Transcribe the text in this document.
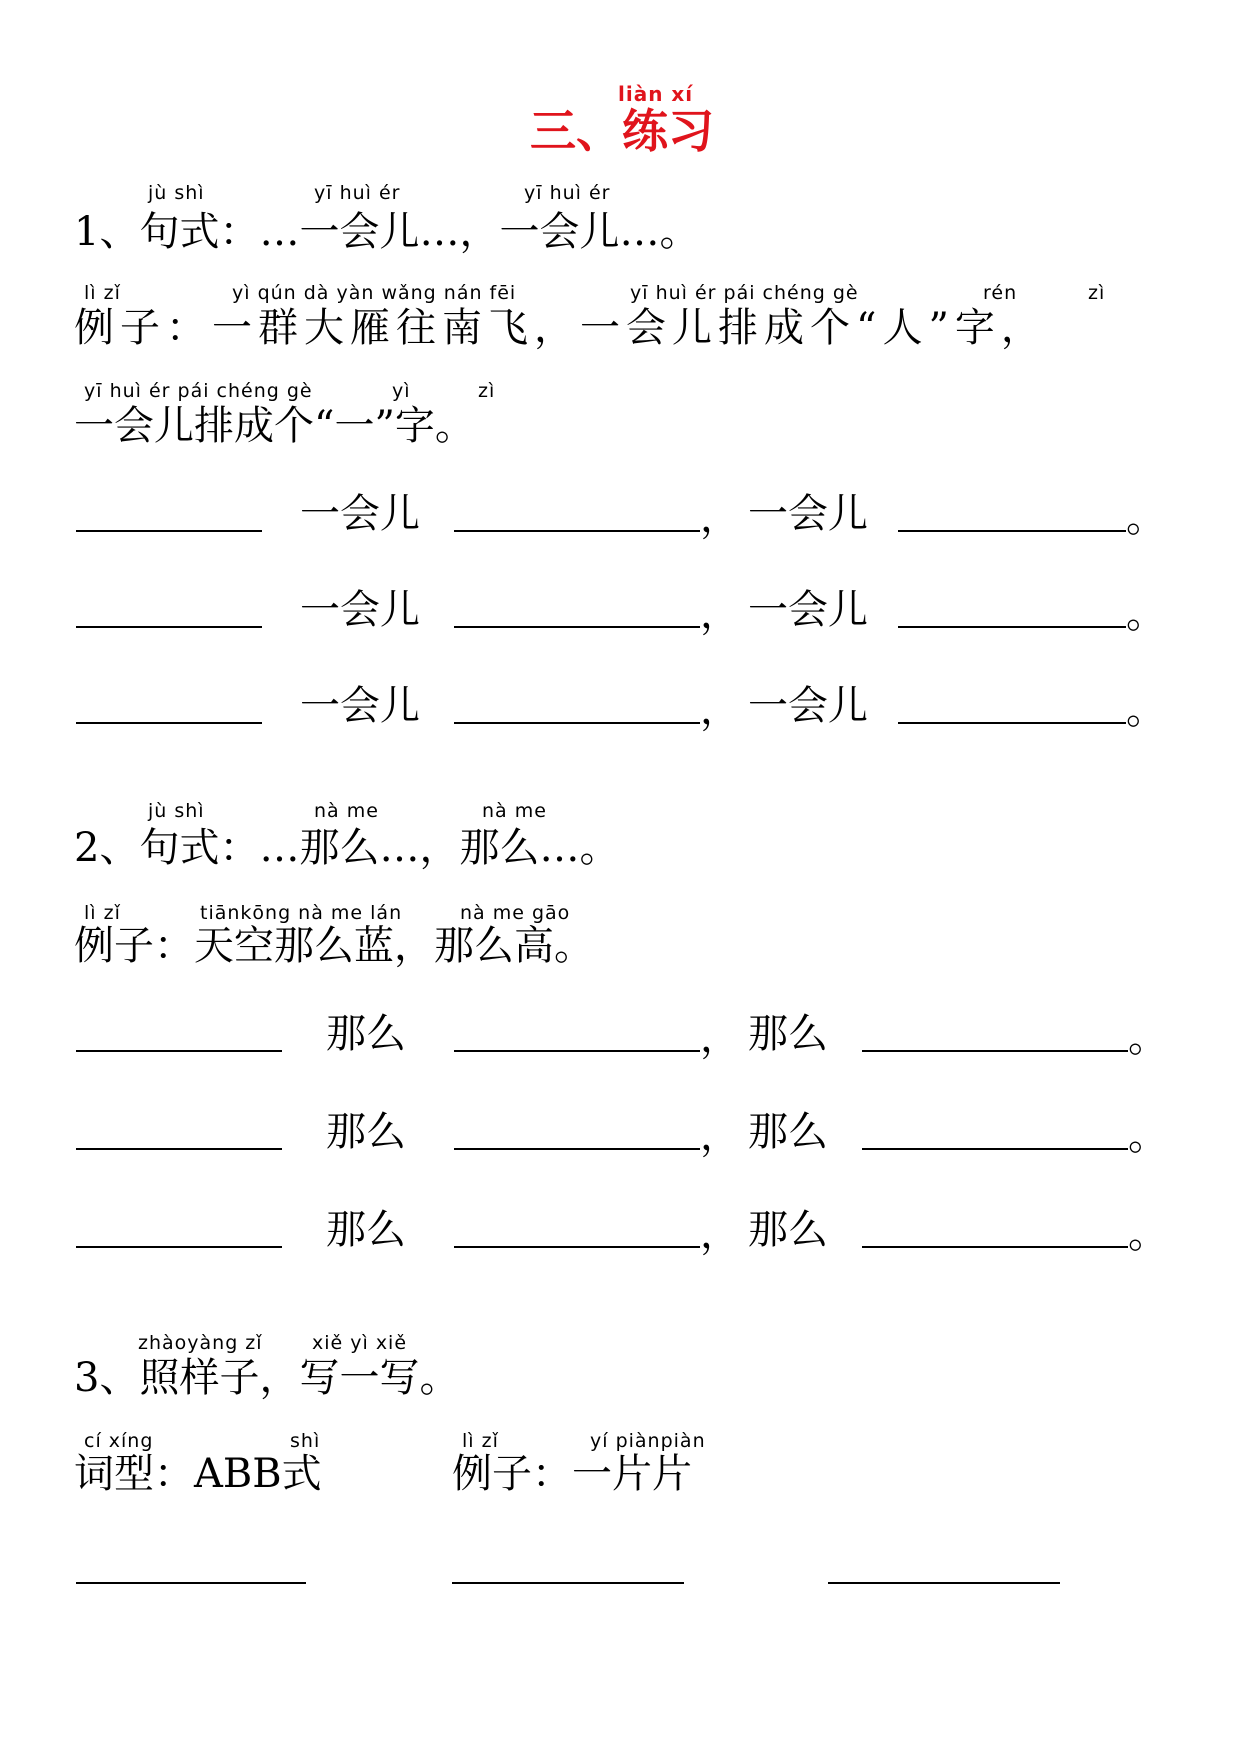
liàn xí
三、练习
jù shì	yī huì ér	yī huì ér
1、句式：…一会儿…，一会儿…。
lì zǐ	yì qún dà yàn wǎng nán fēi	yī huì ér pái chéng gè	rén	zì
例子：一群大雁往南飞，一会儿排成个“人”字，
yī huì ér pái chéng gè	yì	zì
一会儿排成个“一”字。
一会儿	， 一会儿	。
一会儿	， 一会儿	。
一会儿	， 一会儿	。
jù shì	nà me	nà me
2、句式：…那么…，那么…。
lì zǐ	tiānkōng nà me lán	nà me gāo
例子：天空那么蓝，那么高。
那么	， 那么	。
那么	， 那么	。
那么	， 那么	。
zhàoyàng zǐ	xiě yì xiě
3、照样子，写一写。
cí xíng	shì
词型：ABB式
lì zǐ	yí piànpiàn
例子：一片片
